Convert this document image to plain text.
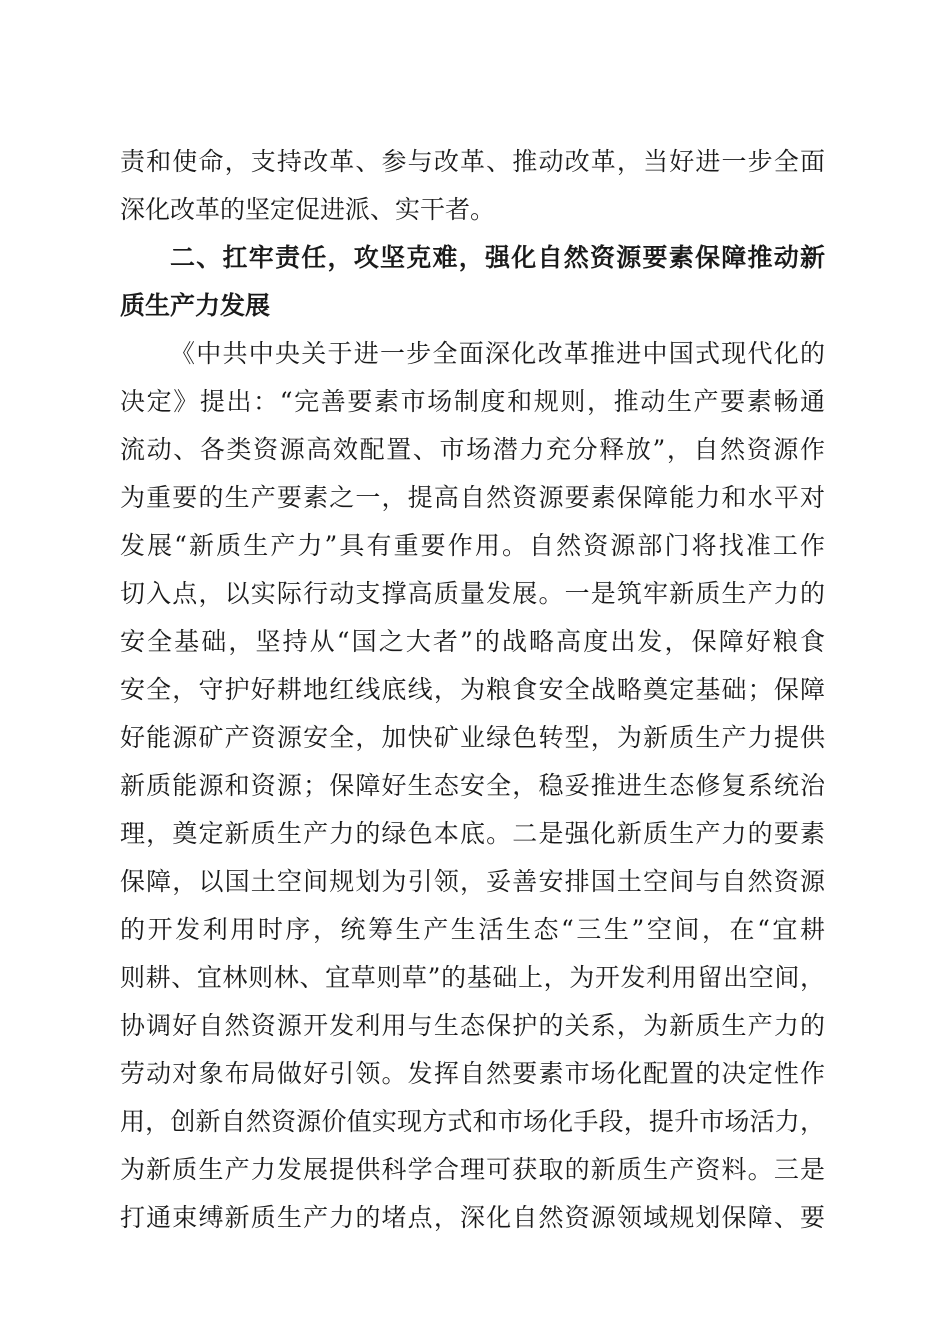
责和使命，支持改革、参与改革、推动改革，当好进一步全面
深化改革的坚定促进派、实干者。
二、扛牢责任，攻坚克难，强化自然资源要素保障推动新
质生产力发展
《中共中央关于进一步全面深化改革推进中国式现代化的
决定》提出：“完善要素市场制度和规则，推动生产要素畅通
流动、各类资源高效配置、市场潜力充分释放”，自然资源作
为重要的生产要素之一，提高自然资源要素保障能力和水平对
发展“新质生产力”具有重要作用。自然资源部门将找准工作
切入点，以实际行动支撑高质量发展。一是筑牢新质生产力的
安全基础，坚持从“国之大者”的战略高度出发，保障好粮食
安全，守护好耕地红线底线，为粮食安全战略奠定基础；保障
好能源矿产资源安全，加快矿业绿色转型，为新质生产力提供
新质能源和资源；保障好生态安全，稳妥推进生态修复系统治
理，奠定新质生产力的绿色本底。二是强化新质生产力的要素
保障，以国土空间规划为引领，妥善安排国土空间与自然资源
的开发利用时序，统筹生产生活生态“三生”空间，在“宜耕
则耕、宜林则林、宜草则草”的基础上，为开发利用留出空间，
协调好自然资源开发利用与生态保护的关系，为新质生产力的
劳动对象布局做好引领。发挥自然要素市场化配置的决定性作
用，创新自然资源价值实现方式和市场化手段，提升市场活力，
为新质生产力发展提供科学合理可获取的新质生产资料。三是
打通束缚新质生产力的堵点，深化自然资源领域规划保障、要
